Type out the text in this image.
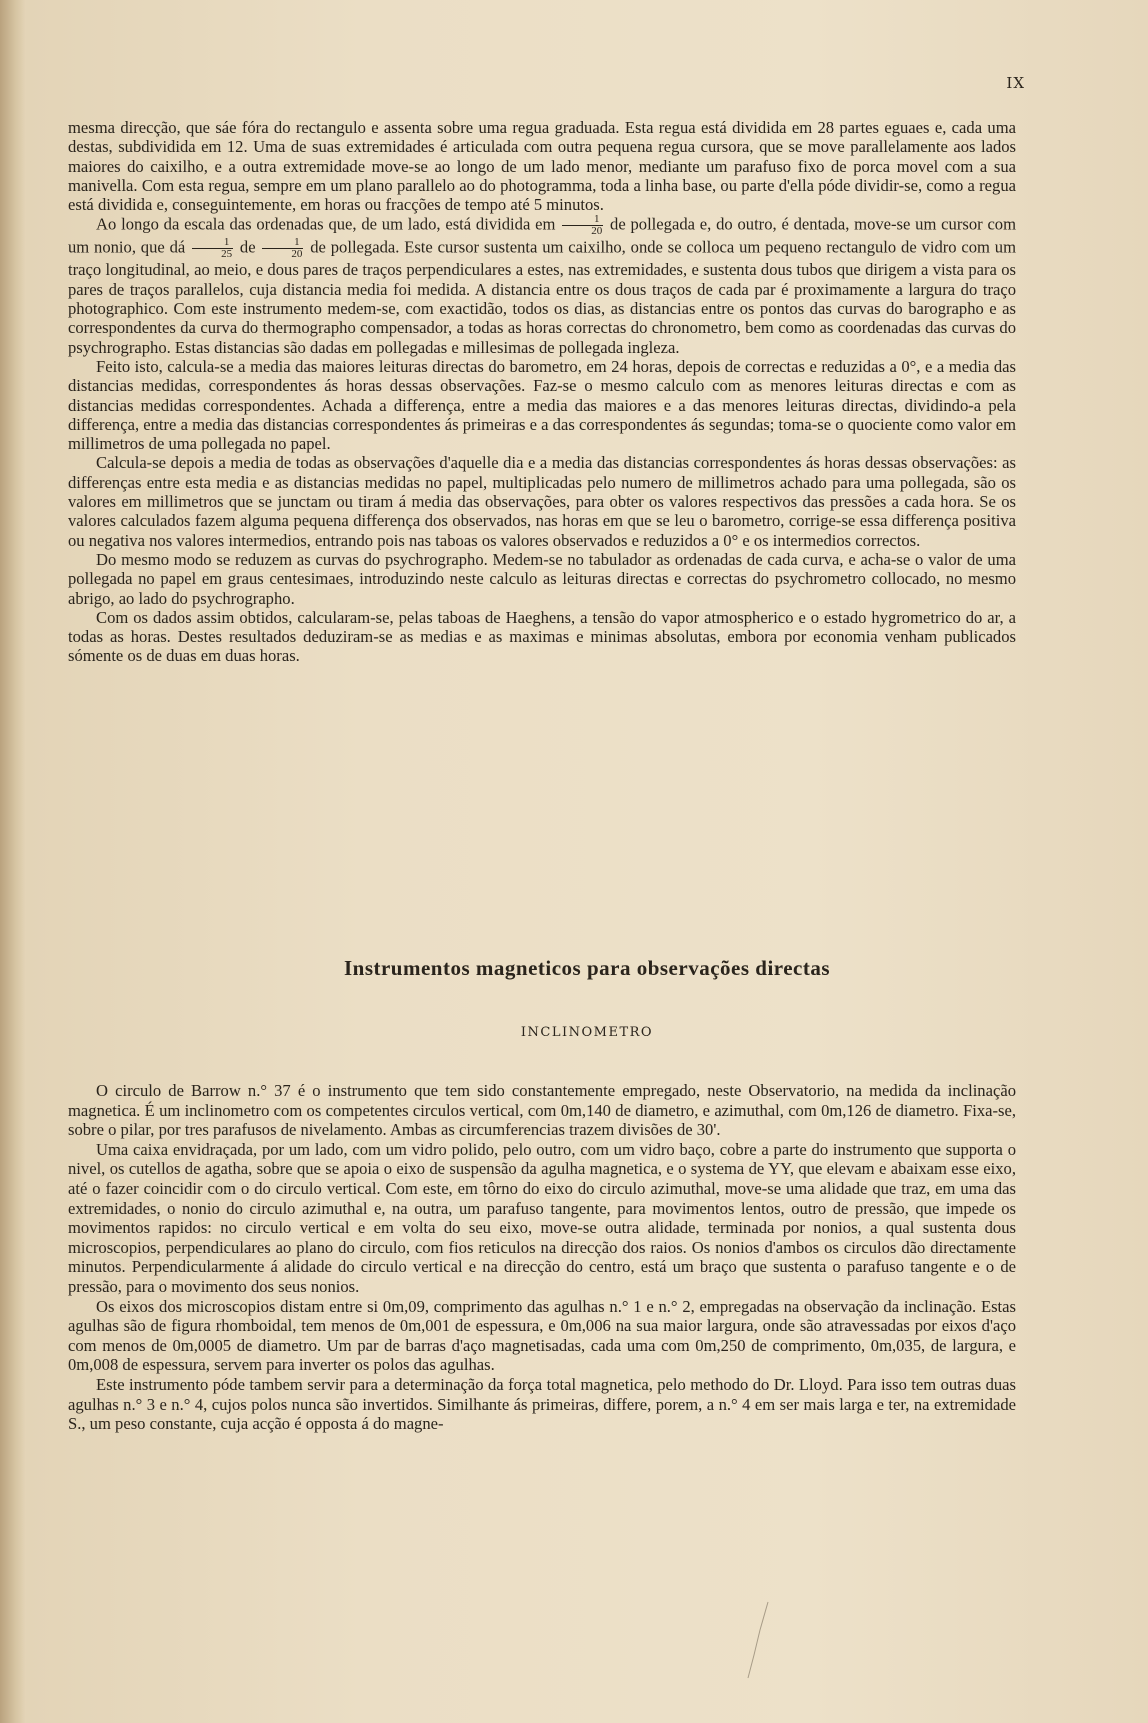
IX

mesma direcção, que sáe fóra do rectangulo e assenta sobre uma regua graduada. Esta regua está dividida em 28 partes eguaes e, cada uma destas, subdividida em 12. Uma de suas extremidades é articulada com outra pequena regua cursora, que se move parallelamente aos lados maiores do caixilho, e a outra extremidade move-se ao longo de um lado menor, mediante um parafuso fixo de porca movel com a sua manivella. Com esta regua, sempre em um plano parallelo ao do photogramma, toda a linha base, ou parte d'ella póde dividir-se, como a regua está dividida e, conseguintemente, em horas ou fracções de tempo até 5 minutos.

Ao longo da escala das ordenadas que, de um lado, está dividida em $\frac{1}{20}$ de pollegada e, do outro, é dentada, move-se um cursor com um nonio, que dá $\frac{1}{25}$ de $\frac{1}{20}$ de pollegada. Este cursor sustenta um caixilho, onde se colloca um pequeno rectangulo de vidro com um traço longitudinal, ao meio, e dous pares de traços perpendiculares a estes, nas extremidades, e sustenta dous tubos que dirigem a vista para os pares de traços parallelos, cuja distancia media foi medida. A distancia entre os dous traços de cada par é proximamente a largura do traço photographico. Com este instrumento medem-se, com exactidão, todos os dias, as distancias entre os pontos das curvas do barographo e as correspondentes da curva do thermographo compensador, a todas as horas correctas do chronometro, bem como as coordenadas das curvas do psychrographo. Estas distancias são dadas em pollegadas e millesimas de pollegada ingleza.

Feito isto, calcula-se a media das maiores leituras directas do barometro, em 24 horas, depois de correctas e reduzidas a 0°, e a media das distancias medidas, correspondentes ás horas dessas observações. Faz-se o mesmo calculo com as menores leituras directas e com as distancias medidas correspondentes. Achada a differença, entre a media das maiores e a das menores leituras directas, dividindo-a pela differença, entre a media das distancias correspondentes ás primeiras e a das correspondentes ás segundas; toma-se o quociente como valor em millimetros de uma pollegada no papel.

Calcula-se depois a media de todas as observações d'aquelle dia e a media das distancias correspondentes ás horas dessas observações: as differenças entre esta media e as distancias medidas no papel, multiplicadas pelo numero de millimetros achado para uma pollegada, são os valores em millimetros que se junctam ou tiram á media das observações, para obter os valores respectivos das pressões a cada hora. Se os valores calculados fazem alguma pequena differença dos observados, nas horas em que se leu o barometro, corrige-se essa differença positiva ou negativa nos valores intermedios, entrando pois nas taboas os valores observados e reduzidos a 0° e os intermedios correctos.

Do mesmo modo se reduzem as curvas do psychrographo. Medem-se no tabulador as ordenadas de cada curva, e acha-se o valor de uma pollegada no papel em graus centesimaes, introduzindo neste calculo as leituras directas e correctas do psychrometro collocado, no mesmo abrigo, ao lado do psychrographo.

Com os dados assim obtidos, calcularam-se, pelas taboas de Haeghens, a tensão do vapor atmospherico e o estado hygrometrico do ar, a todas as horas. Destes resultados deduziram-se as medias e as maximas e minimas absolutas, embora por economia venham publicados sómente os de duas em duas horas.

Instrumentos magneticos para observações directas
INCLINOMETRO

O circulo de Barrow n.° 37 é o instrumento que tem sido constantemente empregado, neste Observatorio, na medida da inclinação magnetica. É um inclinometro com os competentes circulos vertical, com 0m,140 de diametro, e azimuthal, com 0m,126 de diametro. Fixa-se, sobre o pilar, por tres parafusos de nivelamento. Ambas as circumferencias trazem divisões de 30'.

Uma caixa envidraçada, por um lado, com um vidro polido, pelo outro, com um vidro baço, cobre a parte do instrumento que supporta o nivel, os cutellos de agatha, sobre que se apoia o eixo de suspensão da agulha magnetica, e o systema de YY, que elevam e abaixam esse eixo, até o fazer coincidir com o do circulo vertical. Com este, em tôrno do eixo do circulo azimuthal, move-se uma alidade que traz, em uma das extremidades, o nonio do circulo azimuthal e, na outra, um parafuso tangente, para movimentos lentos, outro de pressão, que impede os movimentos rapidos: no circulo vertical e em volta do seu eixo, move-se outra alidade, terminada por nonios, a qual sustenta dous microscopios, perpendiculares ao plano do circulo, com fios reticulos na direcção dos raios. Os nonios d'ambos os circulos dão directamente minutos. Perpendicularmente á alidade do circulo vertical e na direcção do centro, está um braço que sustenta o parafuso tangente e o de pressão, para o movimento dos seus nonios.

Os eixos dos microscopios distam entre si 0m,09, comprimento das agulhas n.° 1 e n.° 2, empregadas na observação da inclinação. Estas agulhas são de figura rhomboidal, tem menos de 0m,001 de espessura, e 0m,006 na sua maior largura, onde são atravessadas por eixos d'aço com menos de 0m,0005 de diametro. Um par de barras d'aço magnetisadas, cada uma com 0m,250 de comprimento, 0m,035, de largura, e 0m,008 de espessura, servem para inverter os polos das agulhas.

Este instrumento póde tambem servir para a determinação da força total magnetica, pelo methodo do Dr. Lloyd. Para isso tem outras duas agulhas n.° 3 e n.° 4, cujos polos nunca são invertidos. Similhante ás primeiras, differe, porem, a n.° 4 em ser mais larga e ter, na extremidade S., um peso constante, cuja acção é opposta á do magne-
